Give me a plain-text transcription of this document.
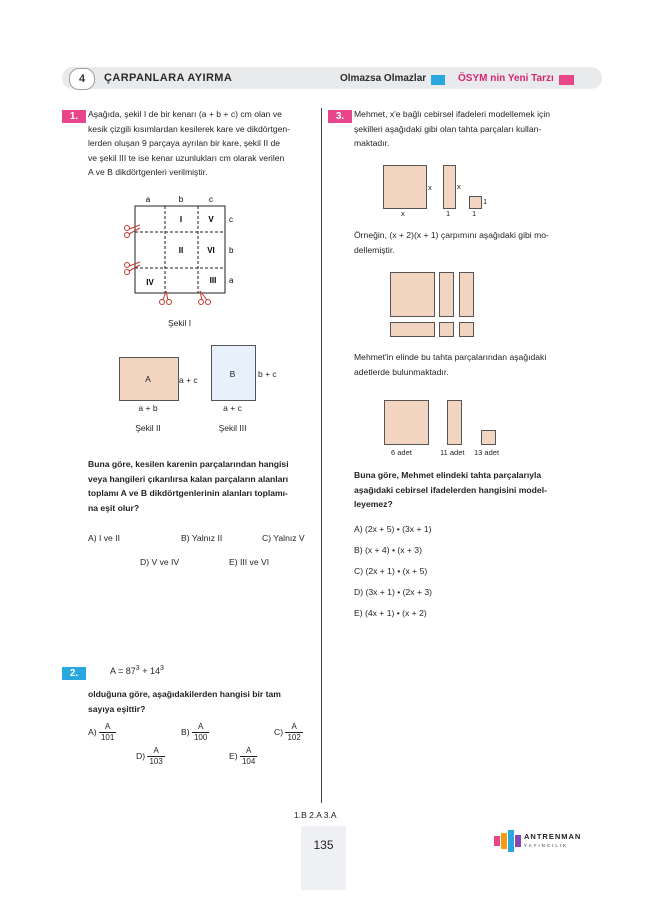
4	ÇARPANLARA AYIRMA	Olmazsa Olmazlar	ÖSYM nin Yeni Tarzı
1.	Aşağıda, şekil I de bir kenarı (a + b + c) cm olan ve
kesik çizgili kısımlardan kesilerek kare ve dikdörtgen-
lerden oluşan 9 parçaya ayrılan bir kare, şekil II de
ve şekil III te ise kenar uzunlukları cm olarak verilen
A ve B dikdörtgenleri verilmiştir.
a	b	c
c
b
a
I	V
II	VI
IV	III
Şekil I
A	a + c
a + b
Şekil II
B	b + c
a + c
Şekil III
Buna göre, kesilen karenin parçalarından hangisi
veya hangileri çıkarılırsa kalan parçaların alanları
toplamı A ve B dikdörtgenlerinin alanları toplamı-
na eşit olur?
A) I ve II	B) Yalnız II	C) Yalnız V
D) V ve IV	E) III ve VI
2.	$A = 87^3 + 14^3$
olduğuna göre, aşağıdakilerden hangisi bir tam
sayıya eşittir?
$A) \frac{A}{101}$	$B) \frac{A}{100}$	$C) \frac{A}{102}$
$D) \frac{A}{103}$	$E) \frac{A}{104}$
3.	Mehmet, x'e bağlı cebirsel ifadeleri modellemek için
şekilleri aşağıdaki gibi olan tahta parçaları kullan-
maktadır.
x
x
x
1
1
1
Örneğin, (x + 2)(x + 1) çarpımını aşağıdaki gibi mo-
dellemiştir.
Mehmet'in elinde bu tahta parçalarından aşağıdaki
adetlerde bulunmaktadır.
6 adet	11 adet 13 adet
Buna göre, Mehmet elindeki tahta parçalarıyla
aşağıdaki cebirsel ifadelerden hangisini model-
leyemez?
A) (2x + 5) • (3x + 1)
B) (x + 4) • (x + 3)
C) (2x + 1) • (x + 5)
D) (3x + 1) • (2x + 3)
E) (4x + 1) • (x + 2)
1.B 2.A 3.A
135
ANTRENMAN
YAYINCILIK
